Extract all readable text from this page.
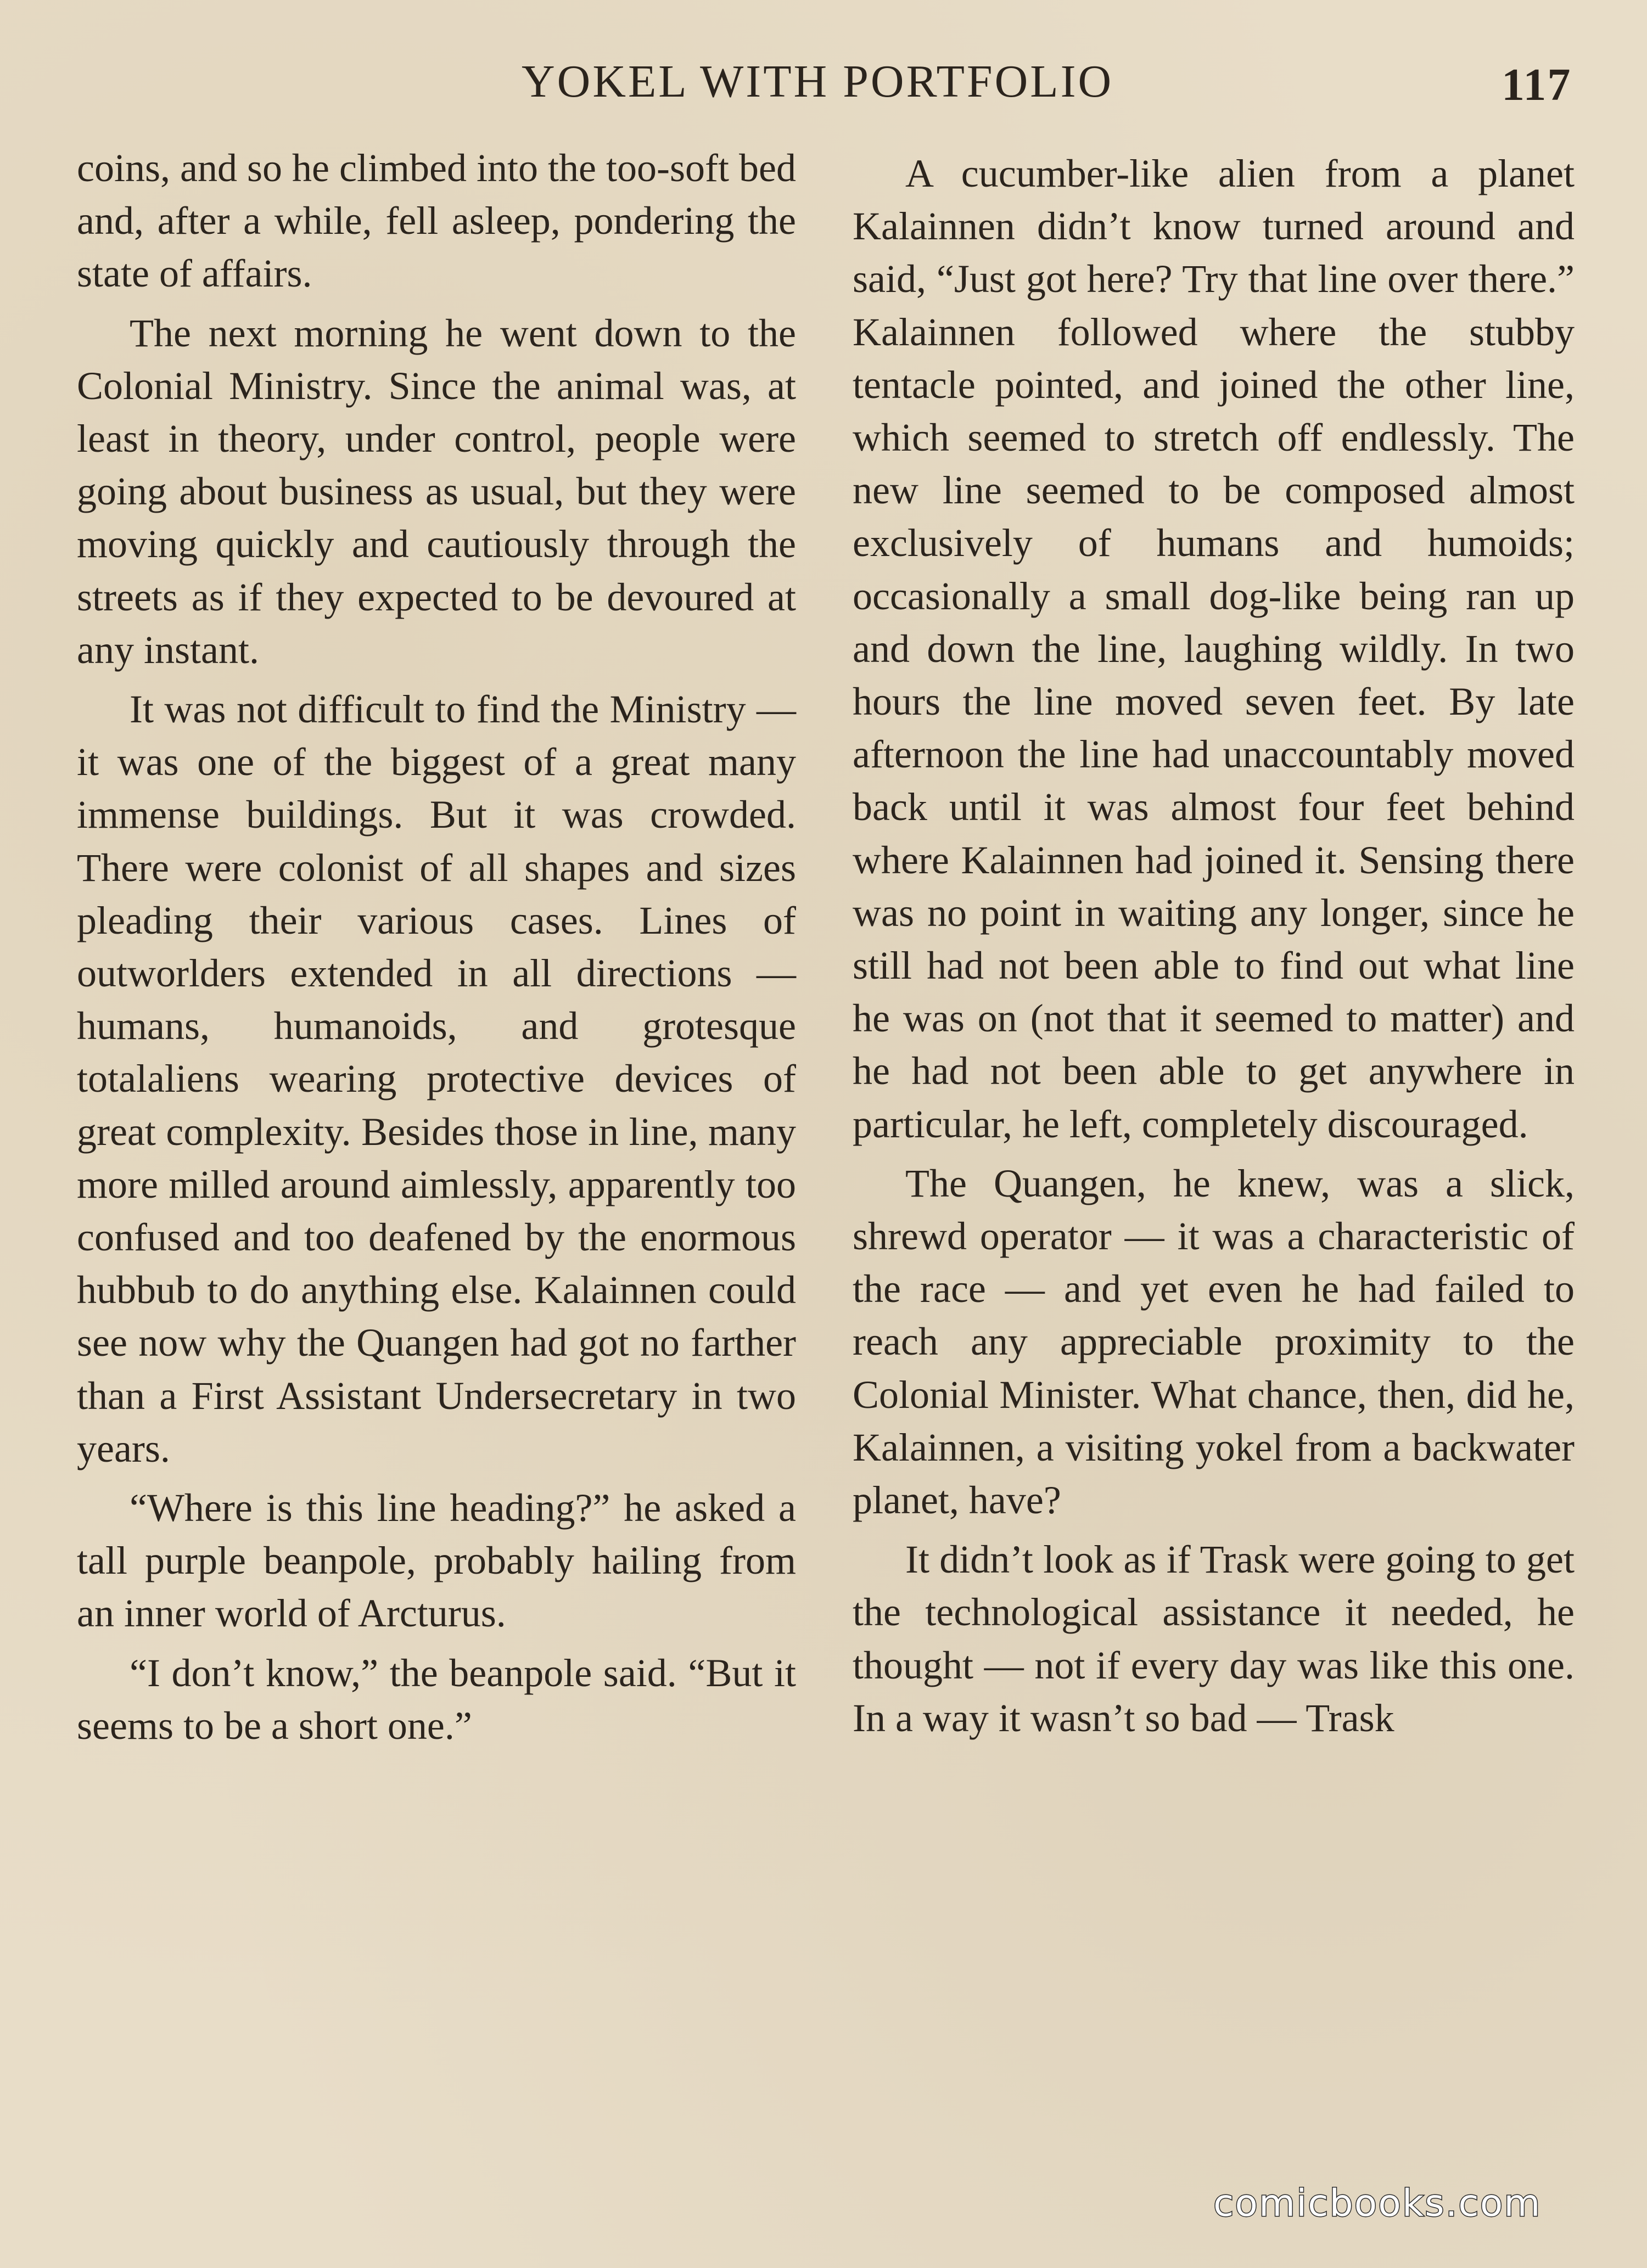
YOKEL WITH PORTFOLIO	117

coins, and so he climbed into the too-soft bed and, after a while, fell asleep, pondering the state of affairs.

The next morning he went down to the Colonial Ministry. Since the animal was, at least in theory, under control, people were going about business as usual, but they were moving quickly and cautiously through the streets as if they expected to be devoured at any instant.

It was not difficult to find the Ministry — it was one of the biggest of a great many immense buildings. But it was crowded. There were colonist of all shapes and sizes pleading their various cases. Lines of outworlders extended in all directions — humans, humanoids, and grotesque totalaliens wearing protective devices of great complexity. Besides those in line, many more milled around aimlessly, apparently too confused and too deafened by the enormous hubbub to do anything else. Kalainnen could see now why the Quangen had got no farther than a First Assistant Undersecretary in two years.

“Where is this line heading?” he asked a tall purple beanpole, probably hailing from an inner world of Arcturus.

“I don’t know,” the beanpole said. “But it seems to be a short one.”

A cucumber-like alien from a planet Kalainnen didn’t know turned around and said, “Just got here? Try that line over there.” Kalainnen followed where the stubby tentacle pointed, and joined the other line, which seemed to stretch off endlessly. The new line seemed to be composed almost exclusively of humans and humoids; occasionally a small dog-like being ran up and down the line, laughing wildly. In two hours the line moved seven feet. By late afternoon the line had unaccountably moved back until it was almost four feet behind where Kalainnen had joined it. Sensing there was no point in waiting any longer, since he still had not been able to find out what line he was on (not that it seemed to matter) and he had not been able to get anywhere in particular, he left, completely discouraged.

The Quangen, he knew, was a slick, shrewd operator — it was a characteristic of the race — and yet even he had failed to reach any appreciable proximity to the Colonial Minister. What chance, then, did he, Kalainnen, a visiting yokel from a backwater planet, have?

It didn’t look as if Trask were going to get the technological assistance it needed, he thought — not if every day was like this one. In a way it wasn’t so bad — Trask

comicbooks.com
